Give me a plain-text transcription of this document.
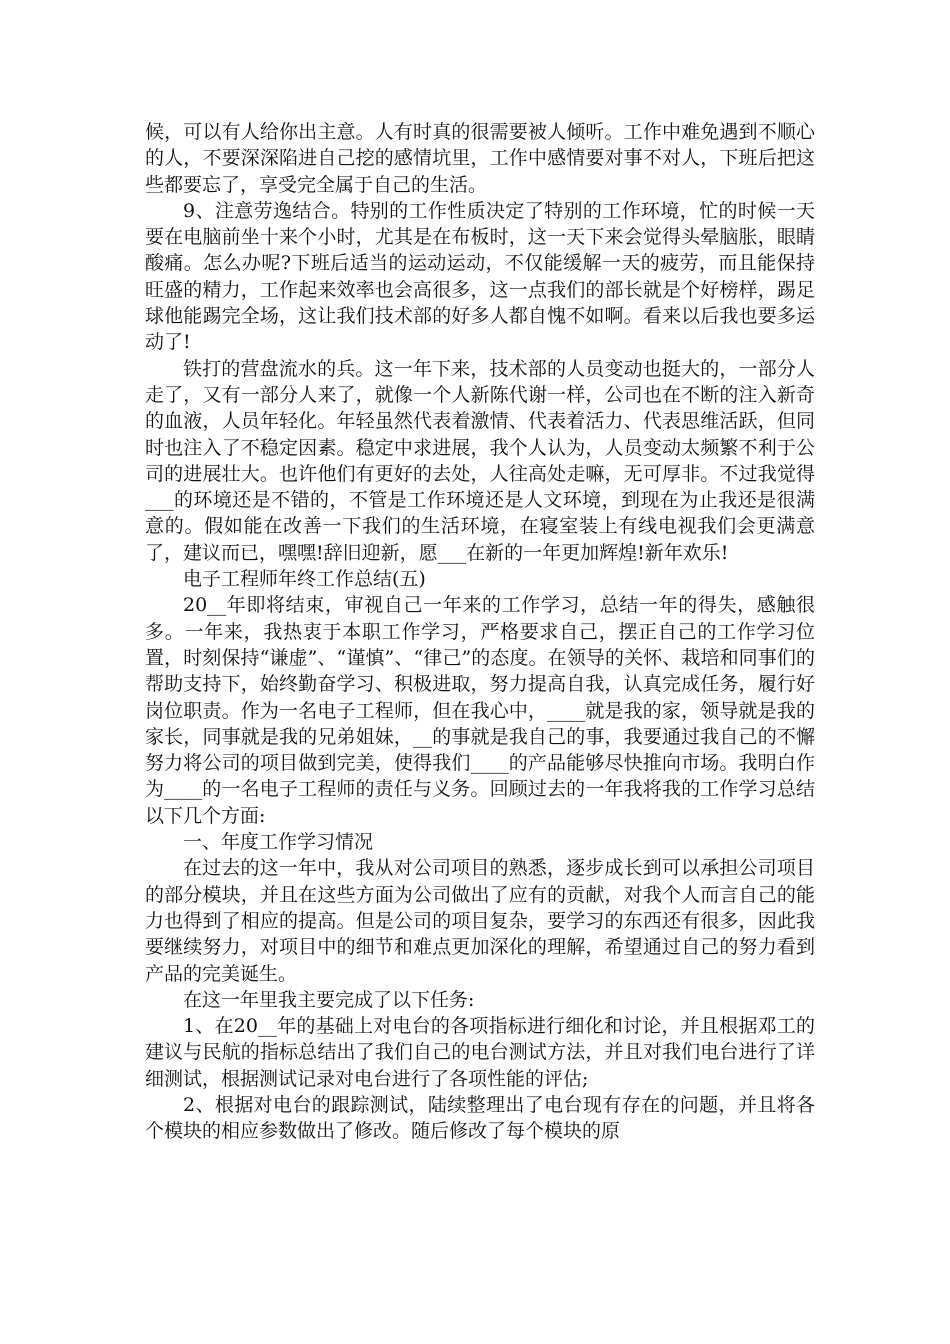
候，可以有人给你出主意。人有时真的很需要被人倾听。工作中难免遇到不顺心的人，不要深深陷进自己挖的感情坑里，工作中感情要对事不对人，下班后把这些都要忘了，享受完全属于自己的生活。

9、注意劳逸结合。特别的工作性质决定了特别的工作环境，忙的时候一天要在电脑前坐十来个小时，尤其是在布板时，这一天下来会觉得头晕脑胀，眼睛酸痛。怎么办呢?下班后适当的运动运动，不仅能缓解一天的疲劳，而且能保持旺盛的精力，工作起来效率也会高很多，这一点我们的部长就是个好榜样，踢足球他能踢完全场，这让我们技术部的好多人都自愧不如啊。看来以后我也要多运动了!

铁打的营盘流水的兵。这一年下来，技术部的人员变动也挺大的，一部分人走了，又有一部分人来了，就像一个人新陈代谢一样，公司也在不断的注入新奇的血液，人员年轻化。年轻虽然代表着激情、代表着活力、代表思维活跃，但同时也注入了不稳定因素。稳定中求进展，我个人认为，人员变动太频繁不利于公司的进展壮大。也许他们有更好的去处，人往高处走嘛，无可厚非。不过我觉得___的环境还是不错的，不管是工作环境还是人文环境，到现在为止我还是很满意的。假如能在改善一下我们的生活环境，在寝室装上有线电视我们会更满意了，建议而已，嘿嘿!辞旧迎新，愿___在新的一年更加辉煌!新年欢乐!

电子工程师年终工作总结(五)

20__年即将结束，审视自己一年来的工作学习，总结一年的得失，感触很多。一年来，我热衷于本职工作学习，严格要求自己，摆正自己的工作学习位置，时刻保持“谦虚”、“谨慎”、“律己”的态度。在领导的关怀、栽培和同事们的帮助支持下，始终勤奋学习、积极进取，努力提高自我，认真完成任务，履行好岗位职责。作为一名电子工程师，但在我心中，____就是我的家，领导就是我的家长，同事就是我的兄弟姐妹，__的事就是我自己的事，我要通过我自己的不懈努力将公司的项目做到完美，使得我们____的产品能够尽快推向市场。我明白作为____的一名电子工程师的责任与义务。回顾过去的一年我将我的工作学习总结以下几个方面:

一、年度工作学习情况

在过去的这一年中，我从对公司项目的熟悉，逐步成长到可以承担公司项目的部分模块，并且在这些方面为公司做出了应有的贡献，对我个人而言自己的能力也得到了相应的提高。但是公司的项目复杂，要学习的东西还有很多，因此我要继续努力，对项目中的细节和难点更加深化的理解，希望通过自己的努力看到产品的完美诞生。

在这一年里我主要完成了以下任务:

1、在20__年的基础上对电台的各项指标进行细化和讨论，并且根据邓工的建议与民航的指标总结出了我们自己的电台测试方法，并且对我们电台进行了详细测试，根据测试记录对电台进行了各项性能的评估;

2、根据对电台的跟踪测试，陆续整理出了电台现有存在的问题，并且将各个模块的相应参数做出了修改。随后修改了每个模块的原
